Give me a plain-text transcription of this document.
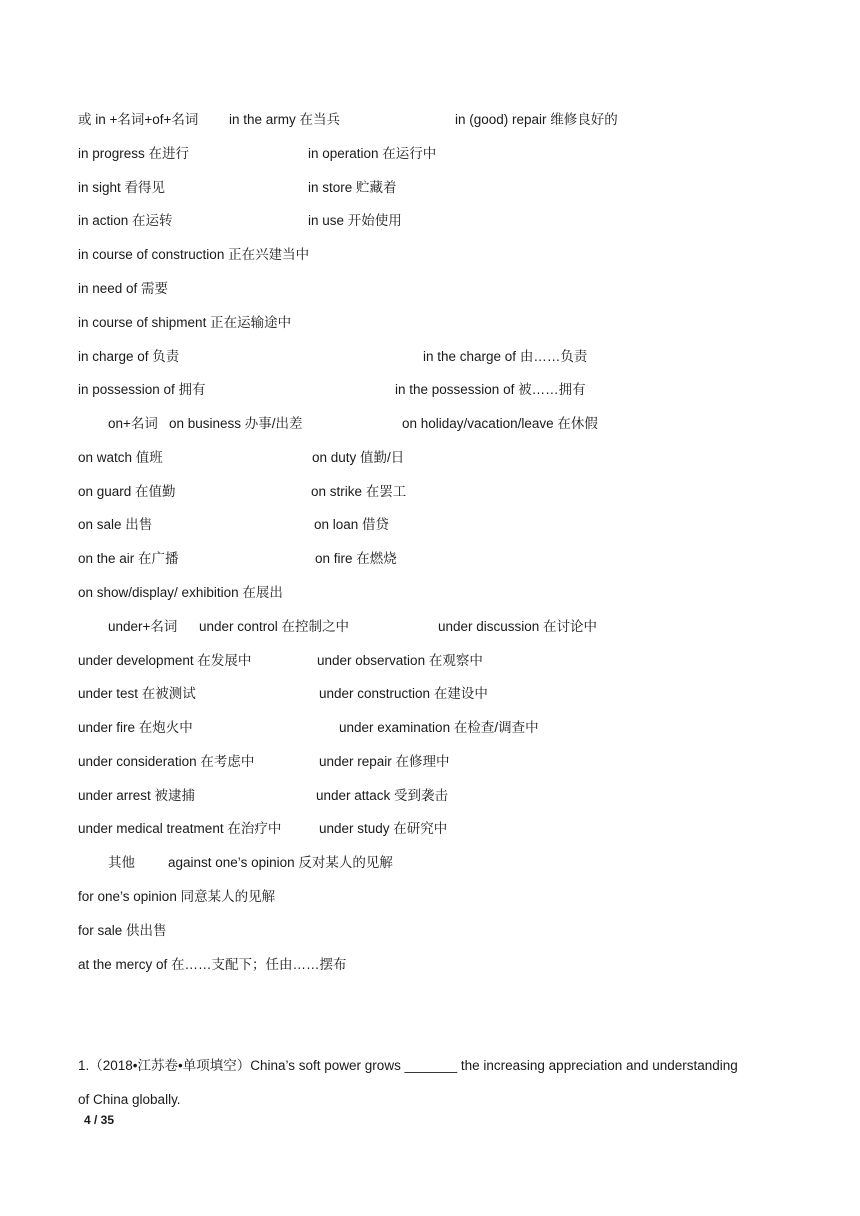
或 in +名词+of+名词 in the army 在当兵	in (good) repair 维修良好的
in progress 在进行	in operation 在运行中
in sight 看得见	in store 贮藏着
in action 在运转	in use 开始使用
in course of construction 正在兴建当中
in need of 需要
in course of shipment 正在运输途中
in charge of 负责	in the charge of 由……负责
in possession of 拥有	in the possession of 被……拥有
on+名词 on business 办事/出差	on holiday/vacation/leave 在休假
on watch 值班	on duty 值勤/日
on guard 在值勤	on strike 在罢工
on sale 出售	on loan 借贷
on the air 在广播	on fire 在燃烧
on show/display/ exhibition 在展出
under+名词 under control 在控制之中	under discussion 在讨论中
under development 在发展中	under observation 在观察中
under test 在被测试	under construction 在建设中
under fire 在炮火中	under examination 在检查/调查中
under consideration 在考虑中	under repair 在修理中
under arrest 被逮捕	under attack 受到袭击
under medical treatment 在治疗中	under study 在研究中
其他 against one’s opinion 反对某人的见解
for one’s opinion 同意某人的见解
for sale 供出售
at the mercy of 在……支配下；任由……摆布
1.（2018•江苏卷•单项填空）China’s soft power grows _______ the increasing appreciation and understanding
of China globally.
4 / 35
